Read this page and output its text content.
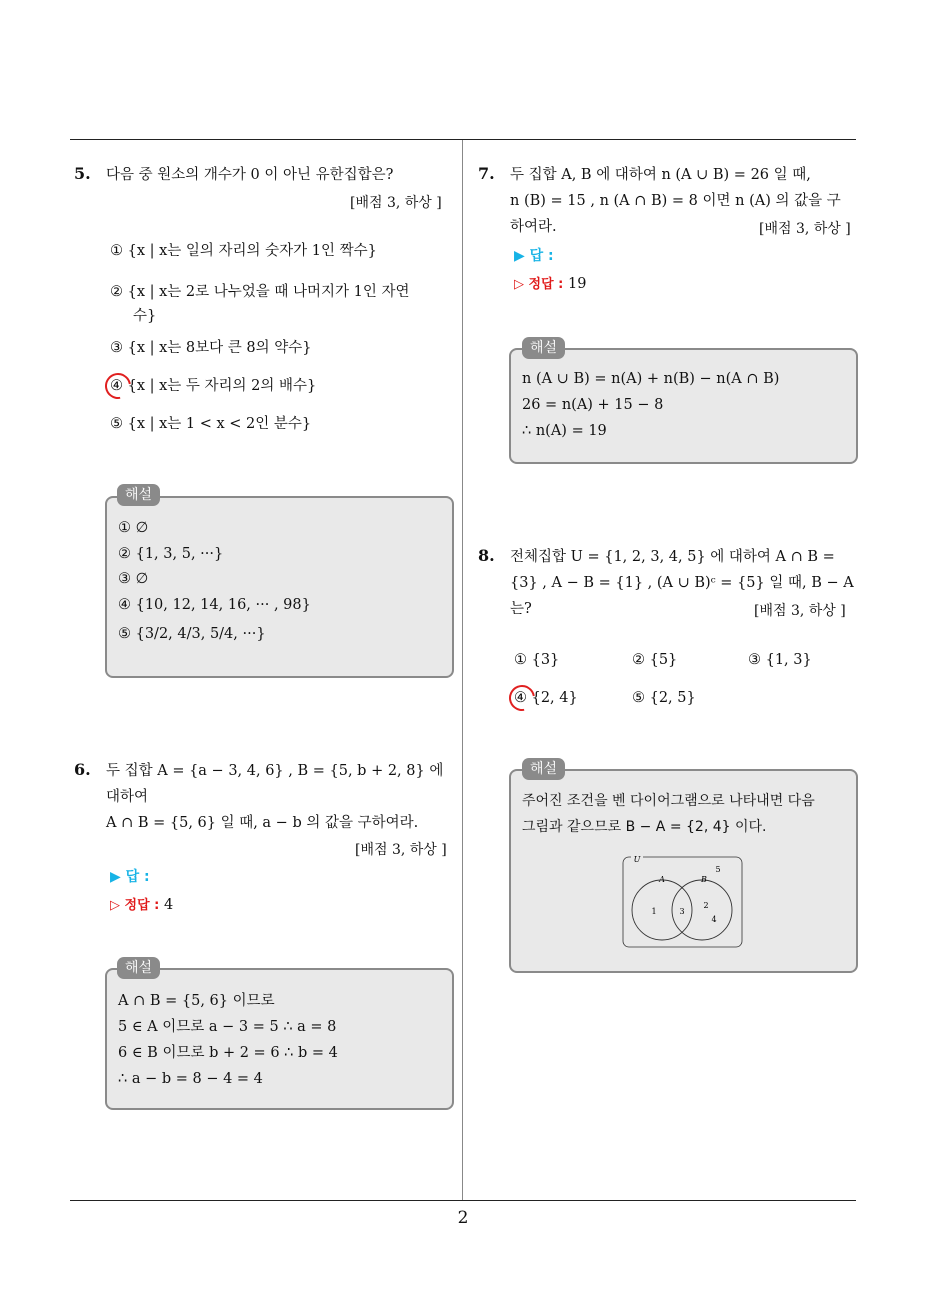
5. 다음 중 원소의 개수가 0 이 아닌 유한집합은?
[배점 3, 하상 ]
① {x | x는 일의 자리의 숫자가 1인 짝수}
② {x | x는 2로 나누었을 때 나머지가 1인 자연
수}
③ {x | x는 8보다 큰 8의 약수}
④ {x | x는 두 자리의 2의 배수}
⑤ {x | x는 1 < x < 2인 분수}
해설
① ∅
② {1, 3, 5, ···}
③ ∅
④ {10, 12, 14, 16, ··· , 98}
⑤ {3/2, 4/3, 5/4, ···}
6. 두 집합 A = {a − 3, 4, 6} , B = {5, b + 2, 8} 에
대하여
A ∩ B = {5, 6} 일 때, a − b 의 값을 구하여라.
[배점 3, 하상 ]
▶ 답 :
▷ 정답 : 4
해설
A ∩ B = {5, 6} 이므로
5 ∈ A 이므로 a − 3 = 5 ∴ a = 8
6 ∈ B 이므로 b + 2 = 6 ∴ b = 4
∴ a − b = 8 − 4 = 4
7. 두 집합 A, B 에 대하여 n (A ∪ B) = 26 일 때,
n (B) = 15 , n (A ∩ B) = 8 이면 n (A) 의 값을 구
하여라.	[배점 3, 하상 ]
▶ 답 :
▷ 정답 : 19
해설
n (A ∪ B) = n(A) + n(B) − n(A ∩ B)
26 = n(A) + 15 − 8
∴ n(A) = 19
8. 전체집합 U = {1, 2, 3, 4, 5} 에 대하여 A ∩ B =
{3} , A − B = {1} , (A ∪ B)ᶜ = {5} 일 때, B − A
는?	[배점 3, 하상 ]
① {3}	② {5}	③ {1, 3}
④ {2, 4}	⑤ {2, 5}
해설
주어진 조건을 벤 다이어그램으로 나타내면 다음
그림과 같으므로 B − A = {2, 4} 이다.
U
A	B
5
1	3
2
4
2
